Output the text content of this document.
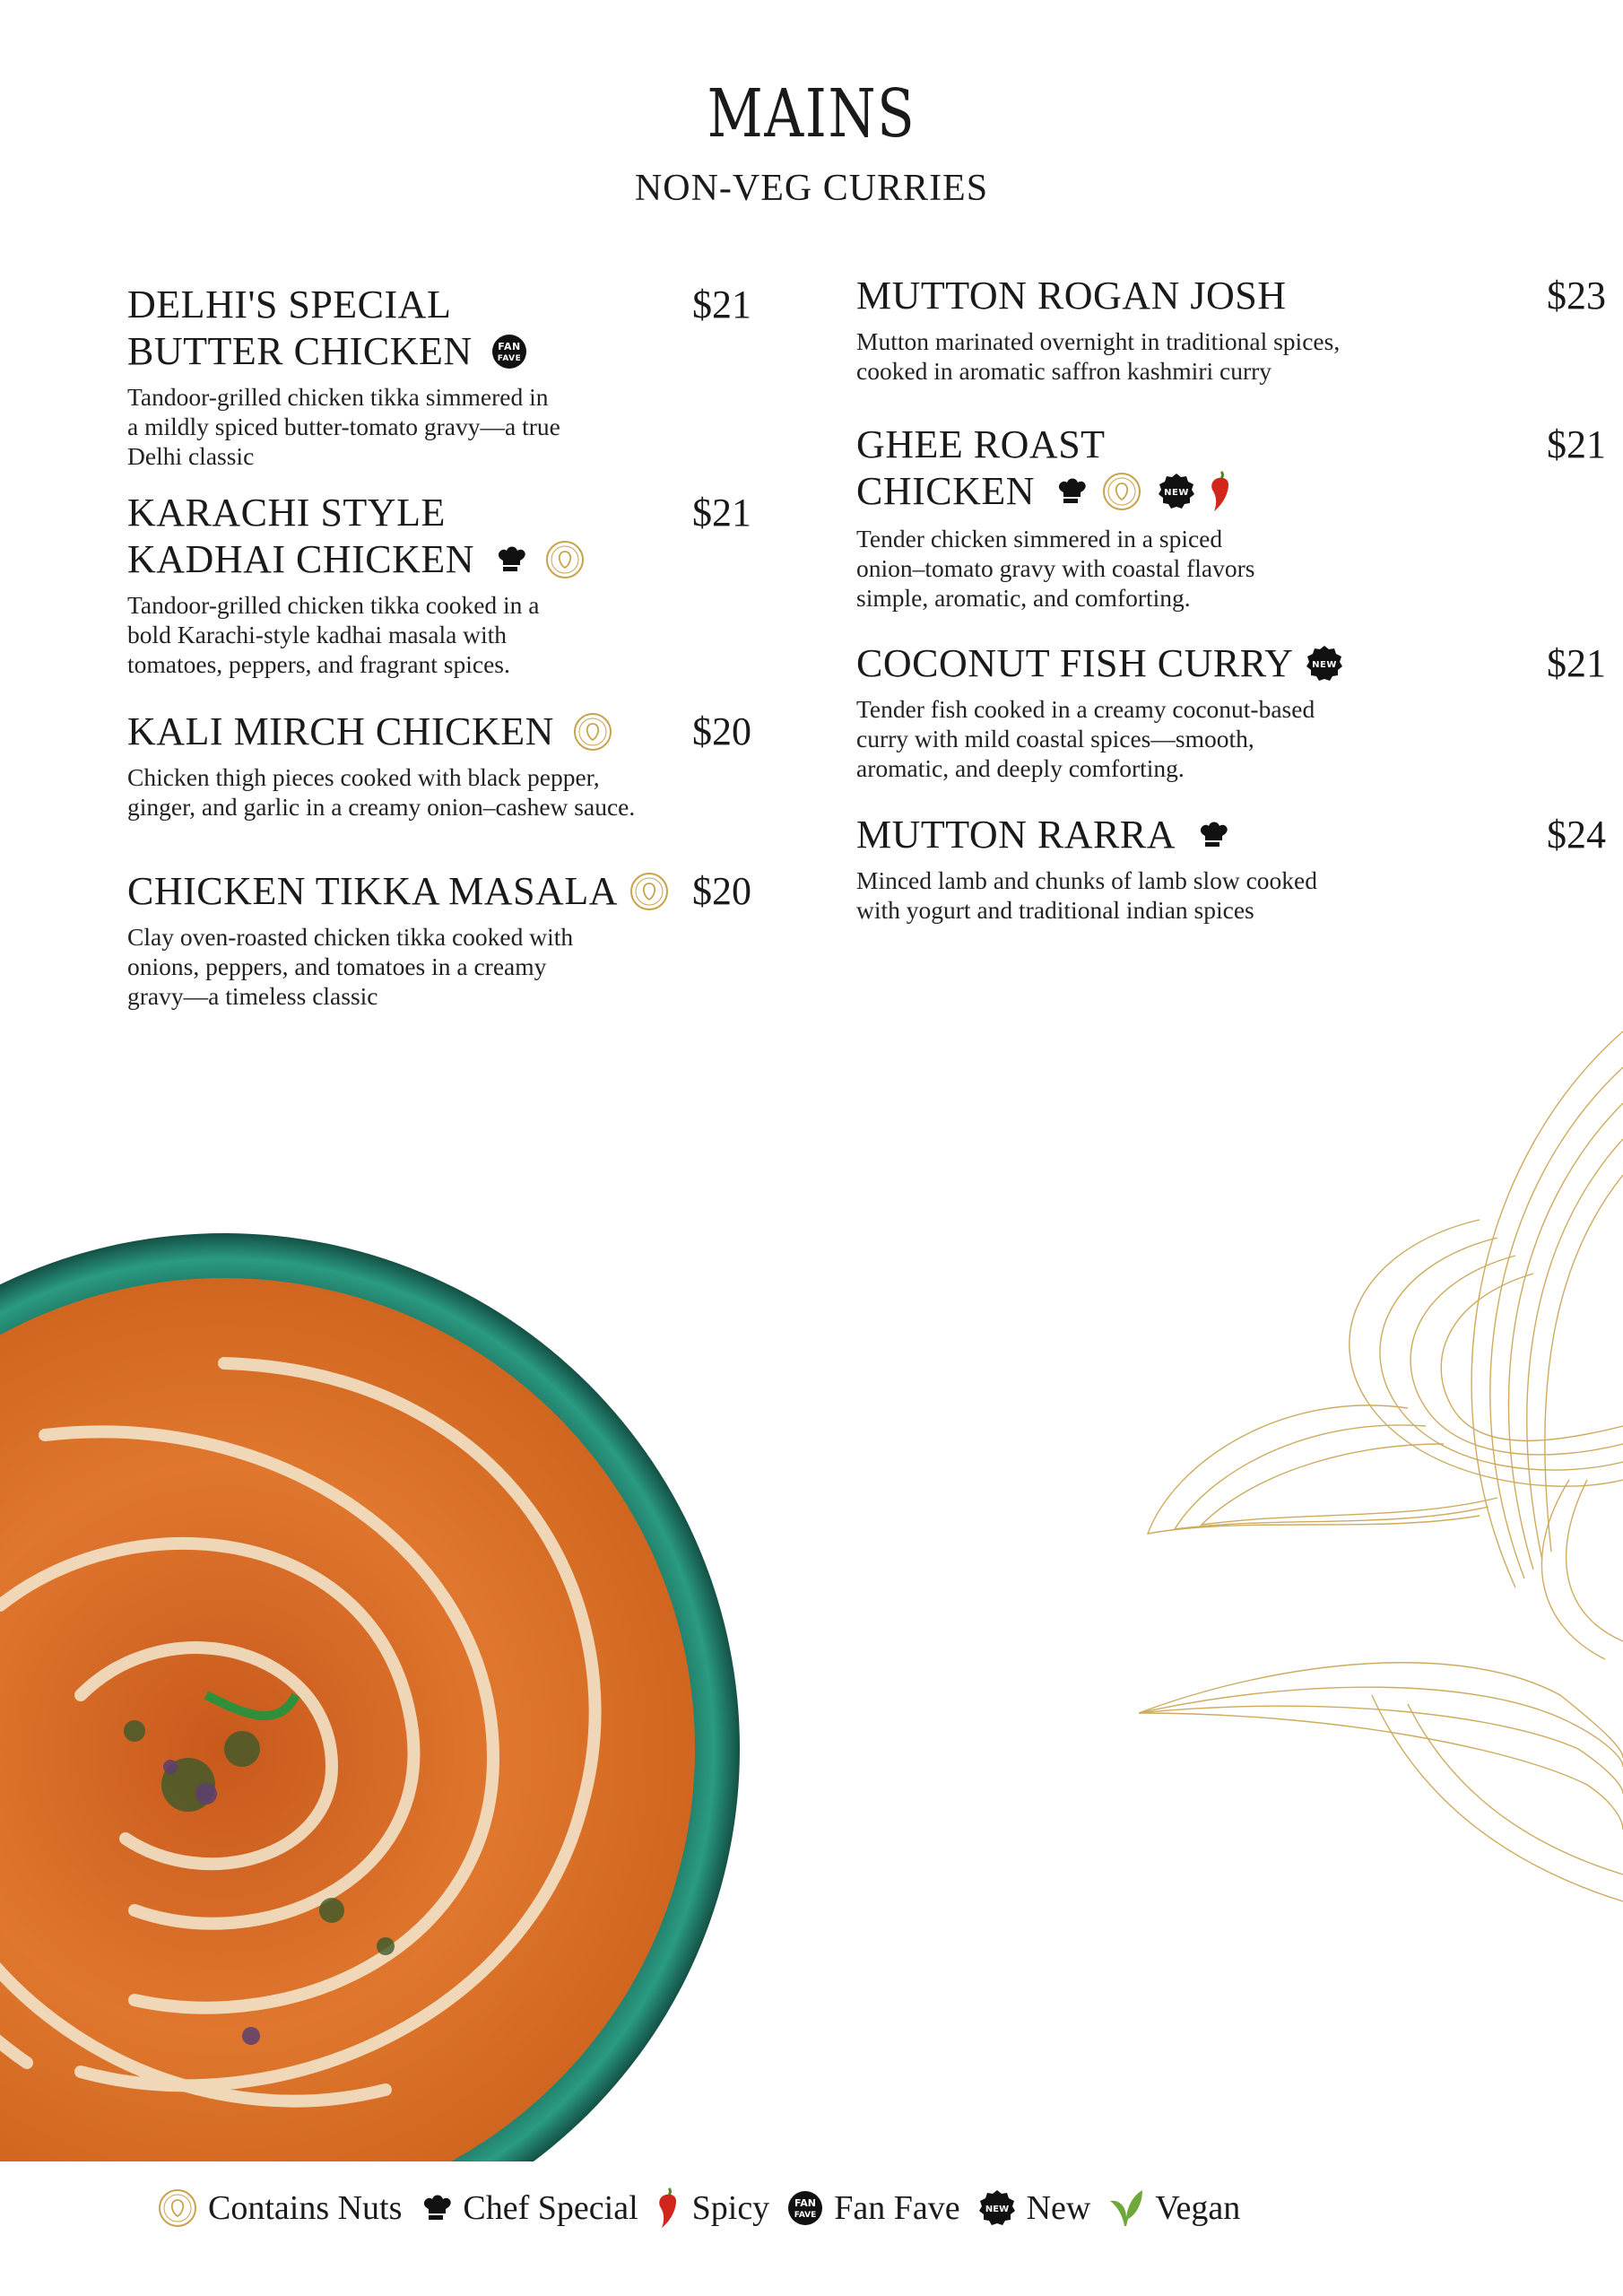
MAINS
NON-VEG CURRIES
DELHI'S SPECIAL
BUTTER CHICKEN	FAN
FAVE
$21
Tandoor-grilled chicken tikka simmered in
a mildly spiced butter-tomato gravy—a true
Delhi classic
KARACHI STYLE
KADHAI CHICKEN

$21
Tandoor-grilled chicken tikka cooked in a
bold Karachi-style kadhai masala with
tomatoes, peppers, and fragrant spices.
KALI MIRCH CHICKEN	$20
Chicken thigh pieces cooked with black pepper,
ginger, and garlic in a creamy onion–cashew sauce.
CHICKEN TIKKA MASALA	$20
Clay oven-roasted chicken tikka cooked with
onions, peppers, and tomatoes in a creamy
gravy—a timeless classic
MUTTON ROGAN JOSH	$23
Mutton marinated overnight in traditional spices,
cooked in aromatic saffron kashmiri curry
GHEE ROAST
CHICKEN

	NEW

$21
Tender chicken simmered in a spiced
onion–tomato gravy with coastal flavors
simple, aromatic, and comforting.
COCONUT FISH CURRY NEW	$21
Tender fish cooked in a creamy coconut-based
curry with mild coastal spices—smooth,
aromatic, and deeply comforting.
MUTTON RARRA	$24
Minced lamb and chunks of lamb slow cooked
with yogurt and traditional indian spices
Contains Nuts Chef Special Spicy	FAN
FAVE Fan Fave	NEW New Vegan
